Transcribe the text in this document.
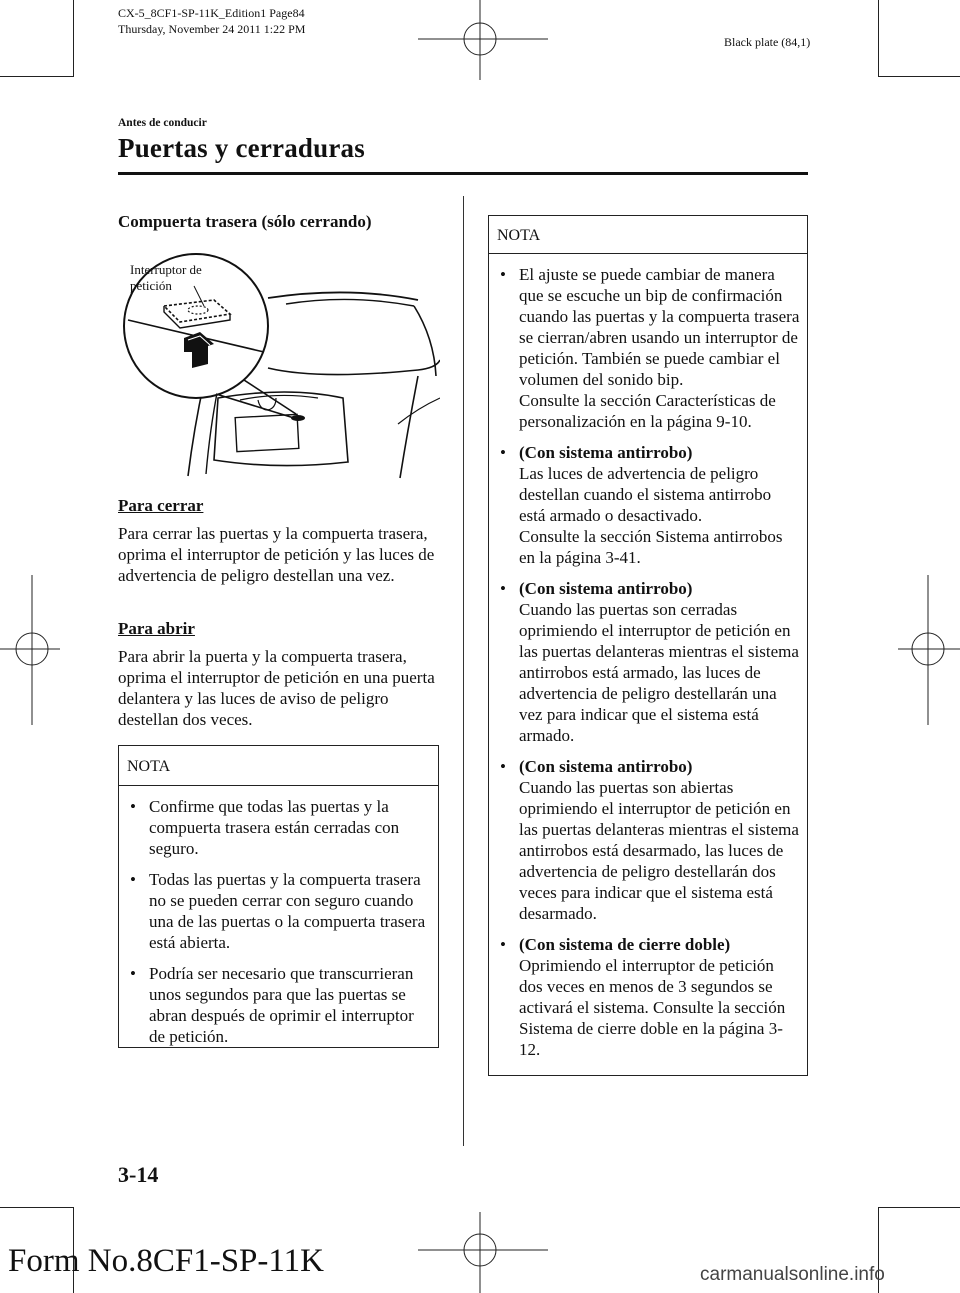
CX-5_8CF1-SP-11K_Edition1 Page84
Thursday, November 24 2011 1:22 PM
Black plate (84,1)
Antes de conducir
Puertas y cerraduras
Compuerta trasera (sólo cerrando)
Interruptor de
petición
Para cerrar
Para cerrar las puertas y la compuerta trasera, oprima el interruptor de petición y las luces de advertencia de peligro destellan una vez.
Para abrir
Para abrir la puerta y la compuerta trasera, oprima el interruptor de petición en una puerta delantera y las luces de aviso de peligro destellan dos veces.
NOTA
• Confirme que todas las puertas y la compuerta trasera están cerradas con seguro.
• Todas las puertas y la compuerta trasera no se pueden cerrar con seguro cuando una de las puertas o la compuerta trasera está abierta.
• Podría ser necesario que transcurrieran unos segundos para que las puertas se abran después de oprimir el interruptor de petición.
NOTA
• El ajuste se puede cambiar de manera que se escuche un bip de confirmación cuando las puertas y la compuerta trasera se cierran/abren usando un interruptor de petición. También se puede cambiar el volumen del sonido bip.
Consulte la sección Características de personalización en la página 9-10.
• (Con sistema antirrobo)
Las luces de advertencia de peligro destellan cuando el sistema antirrobo está armado o desactivado.
Consulte la sección Sistema antirrobos en la página 3-41.
• (Con sistema antirrobo)
Cuando las puertas son cerradas oprimiendo el interruptor de petición en las puertas delanteras mientras el sistema antirrobos está armado, las luces de advertencia de peligro destellarán una vez para indicar que el sistema está armado.
• (Con sistema antirrobo)
Cuando las puertas son abiertas oprimiendo el interruptor de petición en las puertas delanteras mientras el sistema antirrobos está desarmado, las luces de advertencia de peligro destellarán dos veces para indicar que el sistema está desarmado.
• (Con sistema de cierre doble)
Oprimiendo el interruptor de petición dos veces en menos de 3 segundos se activará el sistema. Consulte la sección Sistema de cierre doble en la página 3-12.
3-14
Form No.8CF1-SP-11K	carmanualsonline.info
